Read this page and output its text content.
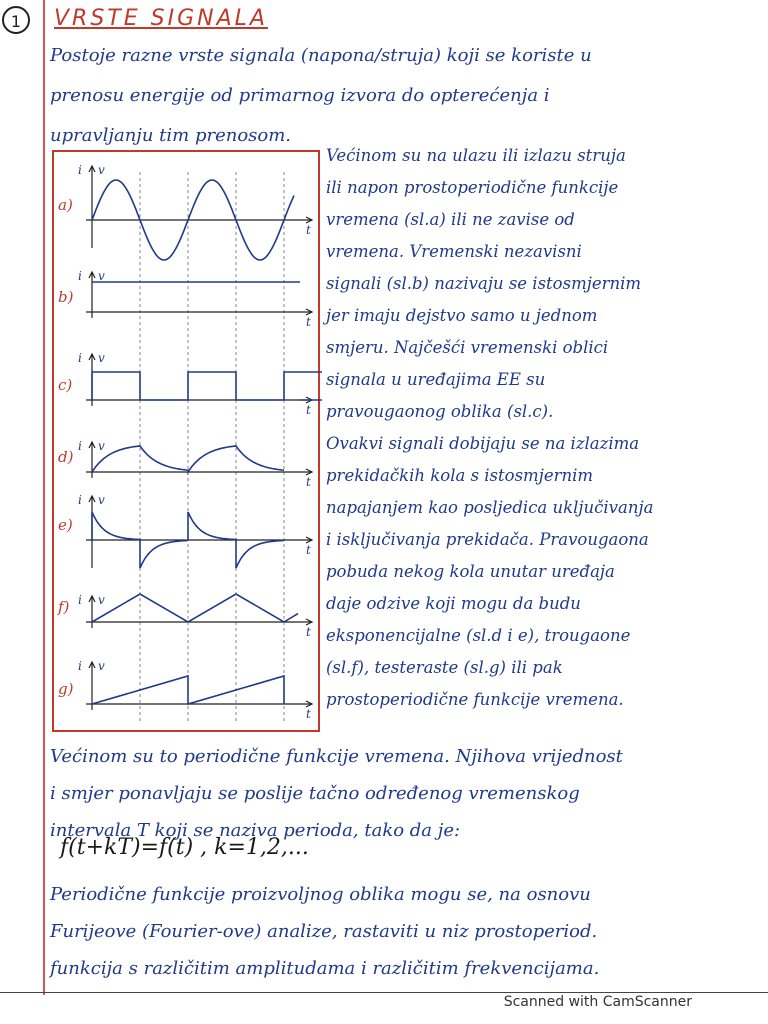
1	VRSTE SIGNALA
Postoje razne vrste signala (napona/struja) koji se koriste u
prenosu energije od primarnog izvora do opterećenja i
upravljanju tim prenosom.
a)
i v
t
b)
i v
t
c)
i v
t
d)
i v
t
e)
i v
t
f) i v
t
g)
i v
t
Većinom su na ulazu ili izlazu struja
ili napon prostoperiodične funkcije
vremena (sl.a) ili ne zavise od
vremena. Vremenski nezavisni
signali (sl.b) nazivaju se istosmjernim
jer imaju dejstvo samo u jednom
smjeru. Najčešći vremenski oblici
signala u uređajima EE su
pravougaonog oblika (sl.c).
Ovakvi signali dobijaju se na izlazima
prekidačkih kola s istosmjernim
napajanjem kao posljedica uključivanja
i isključivanja prekidača. Pravougaona
pobuda nekog kola unutar uređaja
daje odzive koji mogu da budu
eksponencijalne (sl.d i e), trougaone
(sl.f), testeraste (sl.g) ili pak
prostoperiodične funkcije vremena.
Većinom su to periodične funkcije vremena. Njihova vrijednost
i smjer ponavljaju se poslije tačno određenog vremenskog
intervala T koji se naziva perioda, tako da je:
f(t+kT)=f(t) , k=1,2,...
Periodične funkcije proizvoljnog oblika mogu se, na osnovu
Furijeove (Fourier-ove) analize, rastaviti u niz prostoperiod.
funkcija s različitim amplitudama i različitim frekvencijama.
Scanned with CamScanner
